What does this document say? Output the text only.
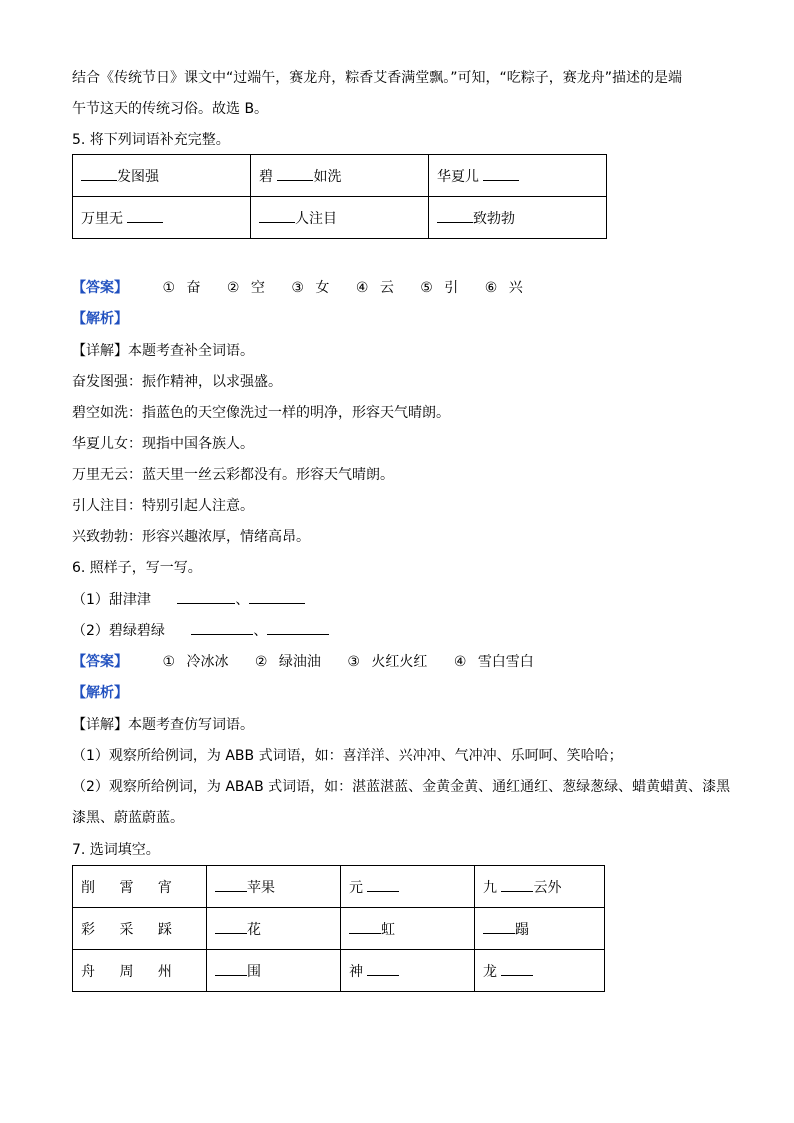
结合《传统节日》课文中“过端午，赛龙舟，粽香艾香满堂飘。”可知，“吃粽子，赛龙舟”描述的是端
午节这天的传统习俗。故选 B。
5. 将下列词语补充完整。
发图强	碧 如洗	华夏儿
万里无	人注目	致勃勃
【答案】 ① 奋 ② 空 ③ 女 ④ 云 ⑤ 引 ⑥ 兴
【解析】
【详解】本题考查补全词语。
奋发图强：振作精神，以求强盛。
碧空如洗：指蓝色的天空像洗过一样的明净，形容天气晴朗。
华夏儿女：现指中国各族人。
万里无云：蓝天里一丝云彩都没有。形容天气晴朗。
引人注目：特别引起人注意。
兴致勃勃：形容兴趣浓厚，情绪高昂。
6. 照样子，写一写。
（1）甜津津	、
（2）碧绿碧绿	、
【答案】 ① 冷冰冰 ② 绿油油 ③ 火红火红 ④ 雪白雪白
【解析】
【详解】本题考查仿写词语。
（1）观察所给例词，为 ABB 式词语，如：喜洋洋、兴冲冲、气冲冲、乐呵呵、笑哈哈；
（2）观察所给例词，为 ABAB 式词语，如：湛蓝湛蓝、金黄金黄、通红通红、葱绿葱绿、蜡黄蜡黄、漆黑
漆黑、蔚蓝蔚蓝。
7. 选词填空。
削 霄 宵	苹果	元	九 云外
彩 采 踩	花	虹	蹋
舟 周 州	围	神	龙
